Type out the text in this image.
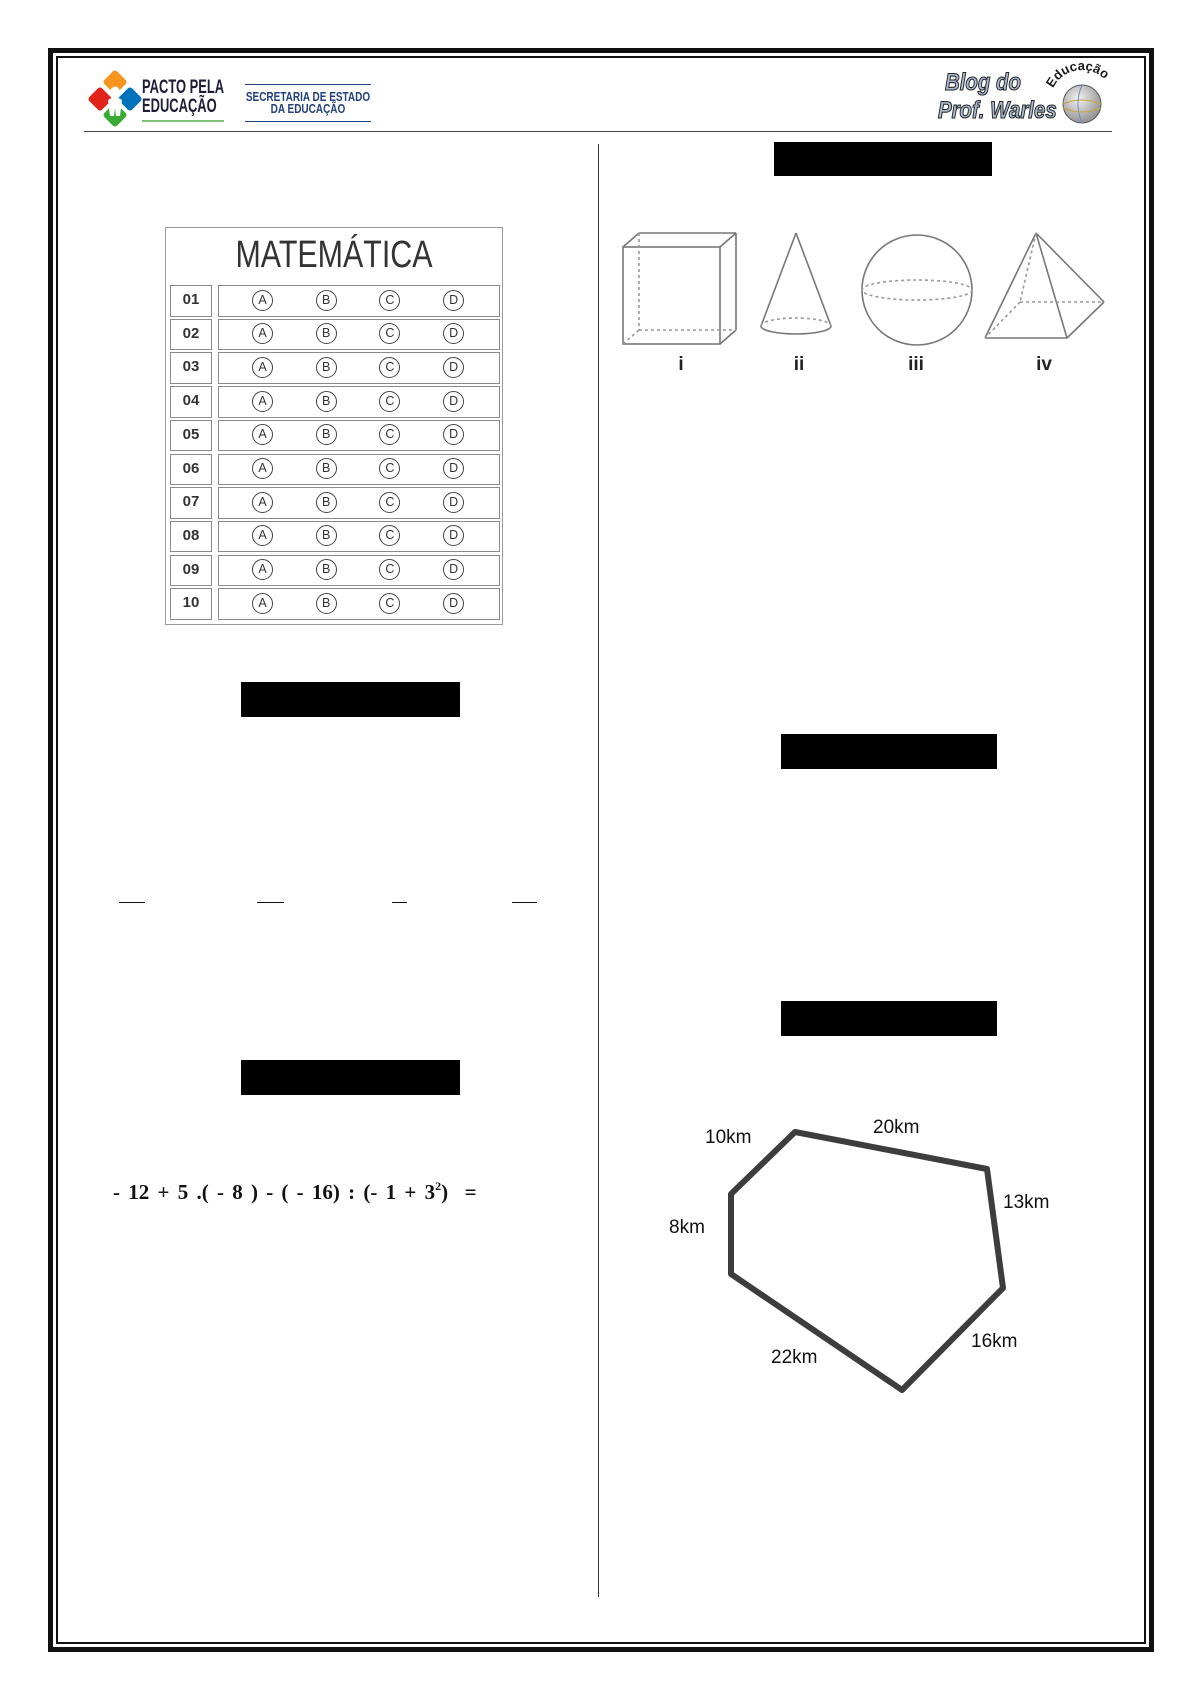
PACTO PELA
EDUCAÇÃO	SECRETARIA DE ESTADO
DA EDUCAÇÃO
Blog do
Prof. Warles
Educação
MATEMÁTICA
01	A	B	C	D
02	A	B	C	D
03	A	B	C	D
04	A	B	C	D
05	A	B	C	D
06	A	B	C	D
07	A	B	C	D
08	A	B	C	D
09	A	B	C	D
10	A	B	C	D
- 12 + 5 .( - 8 ) - ( - 16) : (- $1 + 3^2$)  =
i	ii	iii	iv
10km	20km
13km
8km
16km
22km
